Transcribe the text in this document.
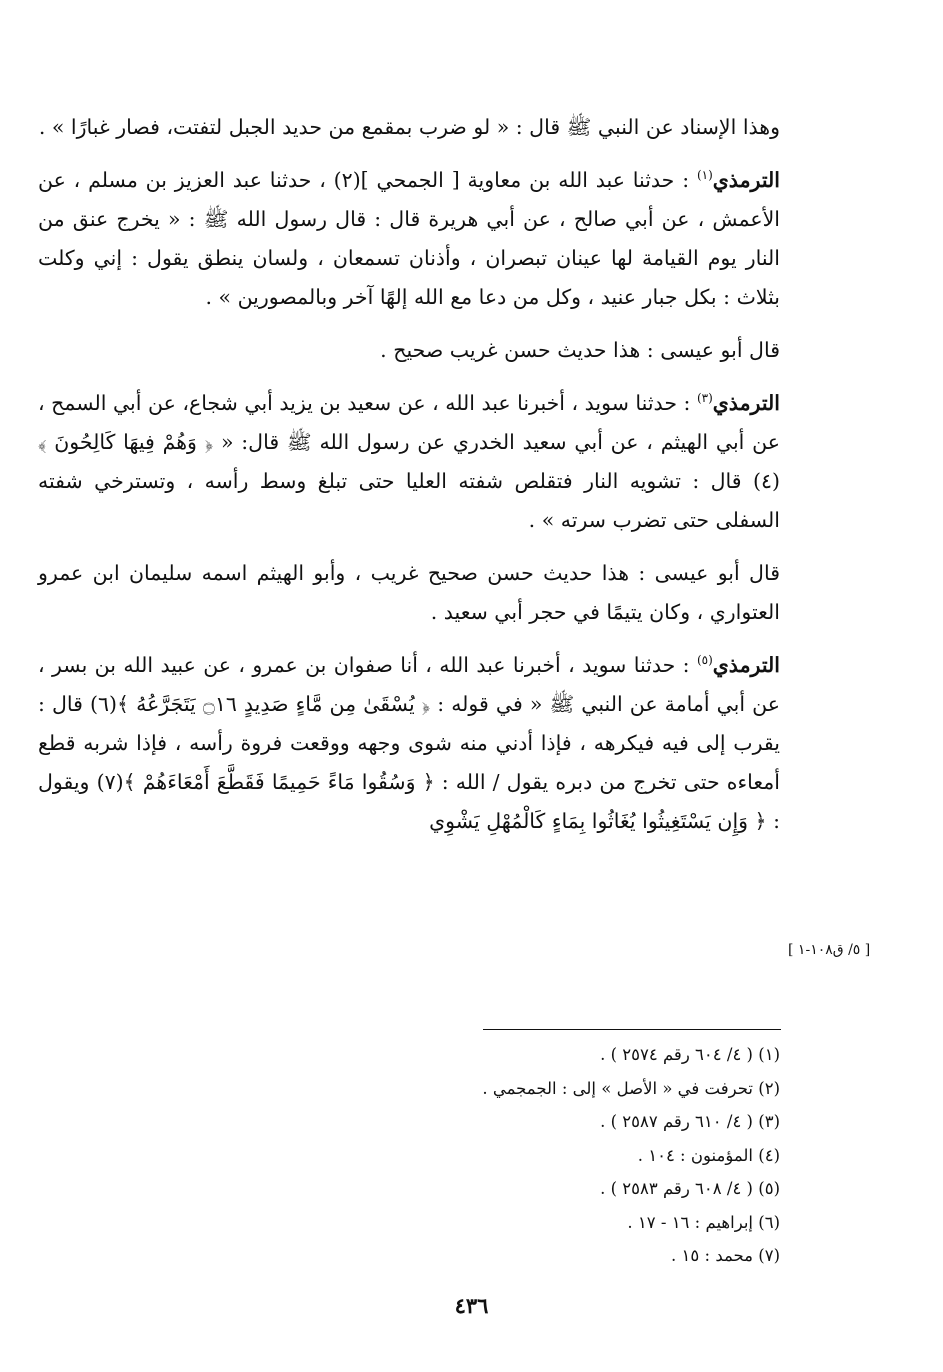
وهذا الإسناد عن النبي ﷺ قال : « لو ضرب بمقمع من حديد الجبل لتفتت، فصار غبارًا » .

الترمذي$^{(١)}$ : حدثنا عبد الله بن معاوية [ الجمحي ](٢) ، حدثنا عبد العزيز بن مسلم ، عن الأعمش ، عن أبي صالح ، عن أبي هريرة قال : قال رسول الله ﷺ : « يخرج عنق من النار يوم القيامة لها عينان تبصران ، وأذنان تسمعان ، ولسان ينطق يقول : إني وكلت بثلاث : بكل جبار عنيد ، وكل من دعا مع الله إلهًا آخر وبالمصورين » .

قال أبو عيسى : هذا حديث حسن غريب صحيح .

الترمذي$^{(٣)}$ : حدثنا سويد ، أخبرنا عبد الله ، عن سعيد بن يزيد أبي شجاع، عن أبي السمح ، عن أبي الهيثم ، عن أبي سعيد الخدري عن رسول الله ﷺ قال: « ﴿ وَهُمْ فِيهَا كَالِحُونَ ﴾(٤) قال : تشويه النار فتقلص شفته العليا حتى تبلغ وسط رأسه ، وتسترخي شفته السفلى حتى تضرب سرته » .

قال أبو عيسى : هذا حديث حسن صحيح غريب ، وأبو الهيثم اسمه سليمان ابن عمرو العتواري ، وكان يتيمًا في حجر أبي سعيد .

الترمذي$^{(٥)}$ : حدثنا سويد ، أخبرنا عبد الله ، أنا صفوان بن عمرو ، عن عبيد الله بن بسر ، عن أبي أمامة عن النبي ﷺ « في قوله : ﴿ يُسْقَىٰ مِن مَّاءٍ صَدِيدٍ ۝١٦ يَتَجَرَّعُهُ ﴾(٦) قال : يقرب إلى فيه فيكرهه ، فإذا أدني منه شوى وجهه ووقعت فروة رأسه ، فإذا شربه قطع أمعاءه حتى تخرج من دبره يقول / الله : ﴿ وَسُقُوا مَاءً حَمِيمًا فَقَطَّعَ أَمْعَاءَهُمْ ﴾(٧) ويقول : ﴿ وَإِن يَسْتَغِيثُوا يُغَاثُوا بِمَاءٍ كَالْمُهْلِ يَشْوِي

[ ٥/ ق١٠٨-١ ]
(١) ( ٤/ ٦٠٤ رقم ٢٥٧٤ ) .
(٢) تحرفت في « الأصل » إلى : الجمجمي .
(٣) ( ٤/ ٦١٠ رقم ٢٥٨٧ ) .
(٤) المؤمنون : ١٠٤ .
(٥) ( ٤/ ٦٠٨ رقم ٢٥٨٣ ) .
(٦) إبراهيم : ١٦ - ١٧ .
(٧) محمد : ١٥ .
٤٣٦
